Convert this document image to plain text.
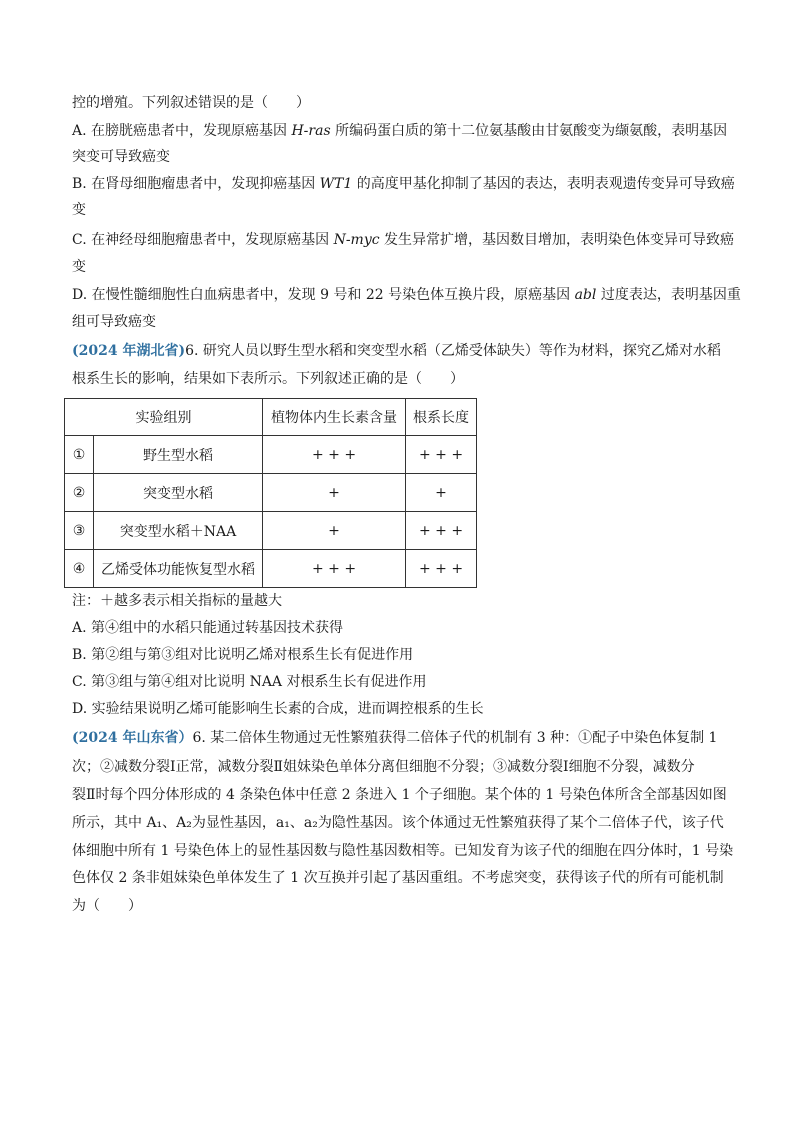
控的增殖。下列叙述错误的是（　　）
A. 在膀胱癌患者中，发现原癌基因 H-ras 所编码蛋白质的第十二位氨基酸由甘氨酸变为缬氨酸，表明基因
突变可导致癌变
B. 在肾母细胞瘤患者中，发现抑癌基因 WT1 的高度甲基化抑制了基因的表达，表明表观遗传变异可导致癌
变
C. 在神经母细胞瘤患者中，发现原癌基因 N-myc 发生异常扩增，基因数目增加，表明染色体变异可导致癌
变
D. 在慢性髓细胞性白血病患者中，发现 9 号和 22 号染色体互换片段，原癌基因 abl 过度表达，表明基因重
组可导致癌变
(2024 年湖北省)6. 研究人员以野生型水稻和突变型水稻（乙烯受体缺失）等作为材料，探究乙烯对水稻
根系生长的影响，结果如下表所示。下列叙述正确的是（　　）
实验组别		植物体内生长素含量	根系长度
①	野生型水稻	+ + +	+ + +
②	突变型水稻	+	+
③	突变型水稻＋NAA	+	+ + +
④	乙烯受体功能恢复型水稻	+ + +	+ + +
注：＋越多表示相关指标的量越大
A. 第④组中的水稻只能通过转基因技术获得
B. 第②组与第③组对比说明乙烯对根系生长有促进作用
C. 第③组与第④组对比说明 NAA 对根系生长有促进作用
D. 实验结果说明乙烯可能影响生长素的合成，进而调控根系的生长
(2024 年山东省）6. 某二倍体生物通过无性繁殖获得二倍体子代的机制有 3 种：①配子中染色体复制 1
次；②减数分裂Ⅰ正常，减数分裂Ⅱ姐妹染色单体分离但细胞不分裂；③减数分裂Ⅰ细胞不分裂，减数分
裂Ⅱ时每个四分体形成的 4 条染色体中任意 2 条进入 1 个子细胞。某个体的 1 号染色体所含全部基因如图
所示，其中 A₁、A₂为显性基因，a₁、a₂为隐性基因。该个体通过无性繁殖获得了某个二倍体子代，该子代
体细胞中所有 1 号染色体上的显性基因数与隐性基因数相等。已知发育为该子代的细胞在四分体时，1 号染
色体仅 2 条非姐妹染色单体发生了 1 次互换并引起了基因重组。不考虑突变，获得该子代的所有可能机制
为（　　）
